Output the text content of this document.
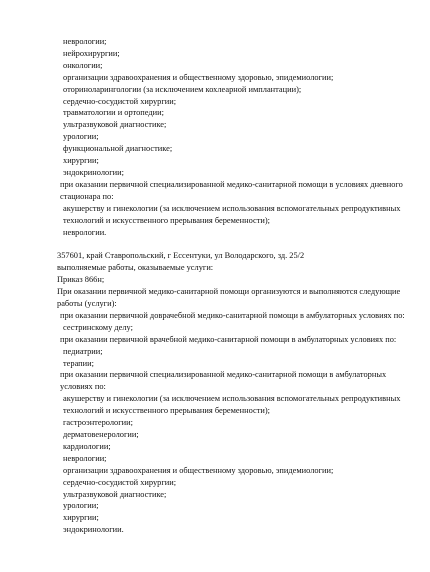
неврологии;

нейрохирургии;

онкологии;

организации здравоохранения и общественному здоровью, эпидемиологии;

оториноларингологии (за исключением кохлеарной имплантации);

сердечно-сосудистой хирургии;

травматологии и ортопедии;

ультразвуковой диагностике;

урологии;

функциональной диагностике;

хирургии;

эндокринологии;

при оказании первичной специализированной медико-санитарной помощи в условиях дневного стационара по:

акушерству и гинекологии (за исключением использования вспомогательных репродуктивных технологий и искусственного прерывания беременности);

неврологии.

357601, край Ставропольский, г Ессентуки, ул Володарского, зд. 25/2

выполняемые работы, оказываемые услуги:

Приказ 866н;

При оказании первичной медико-санитарной помощи организуются и выполняются следующие работы (услуги):

при оказании первичной доврачебной медико-санитарной помощи в амбулаторных условиях по:

сестринскому делу;

при оказании первичной врачебной медико-санитарной помощи в амбулаторных условиях по:

педиатрии;

терапии;

при оказании первичной специализированной медико-санитарной помощи в амбулаторных условиях по:

акушерству и гинекологии (за исключением использования вспомогательных репродуктивных технологий и искусственного прерывания беременности);

гастроэнтерологии;

дерматовенерологии;

кардиологии;

неврологии;

организации здравоохранения и общественному здоровью, эпидемиологии;

сердечно-сосудистой хирургии;

ультразвуковой диагностике;

урологии;

хирургии;

эндокринологии.
